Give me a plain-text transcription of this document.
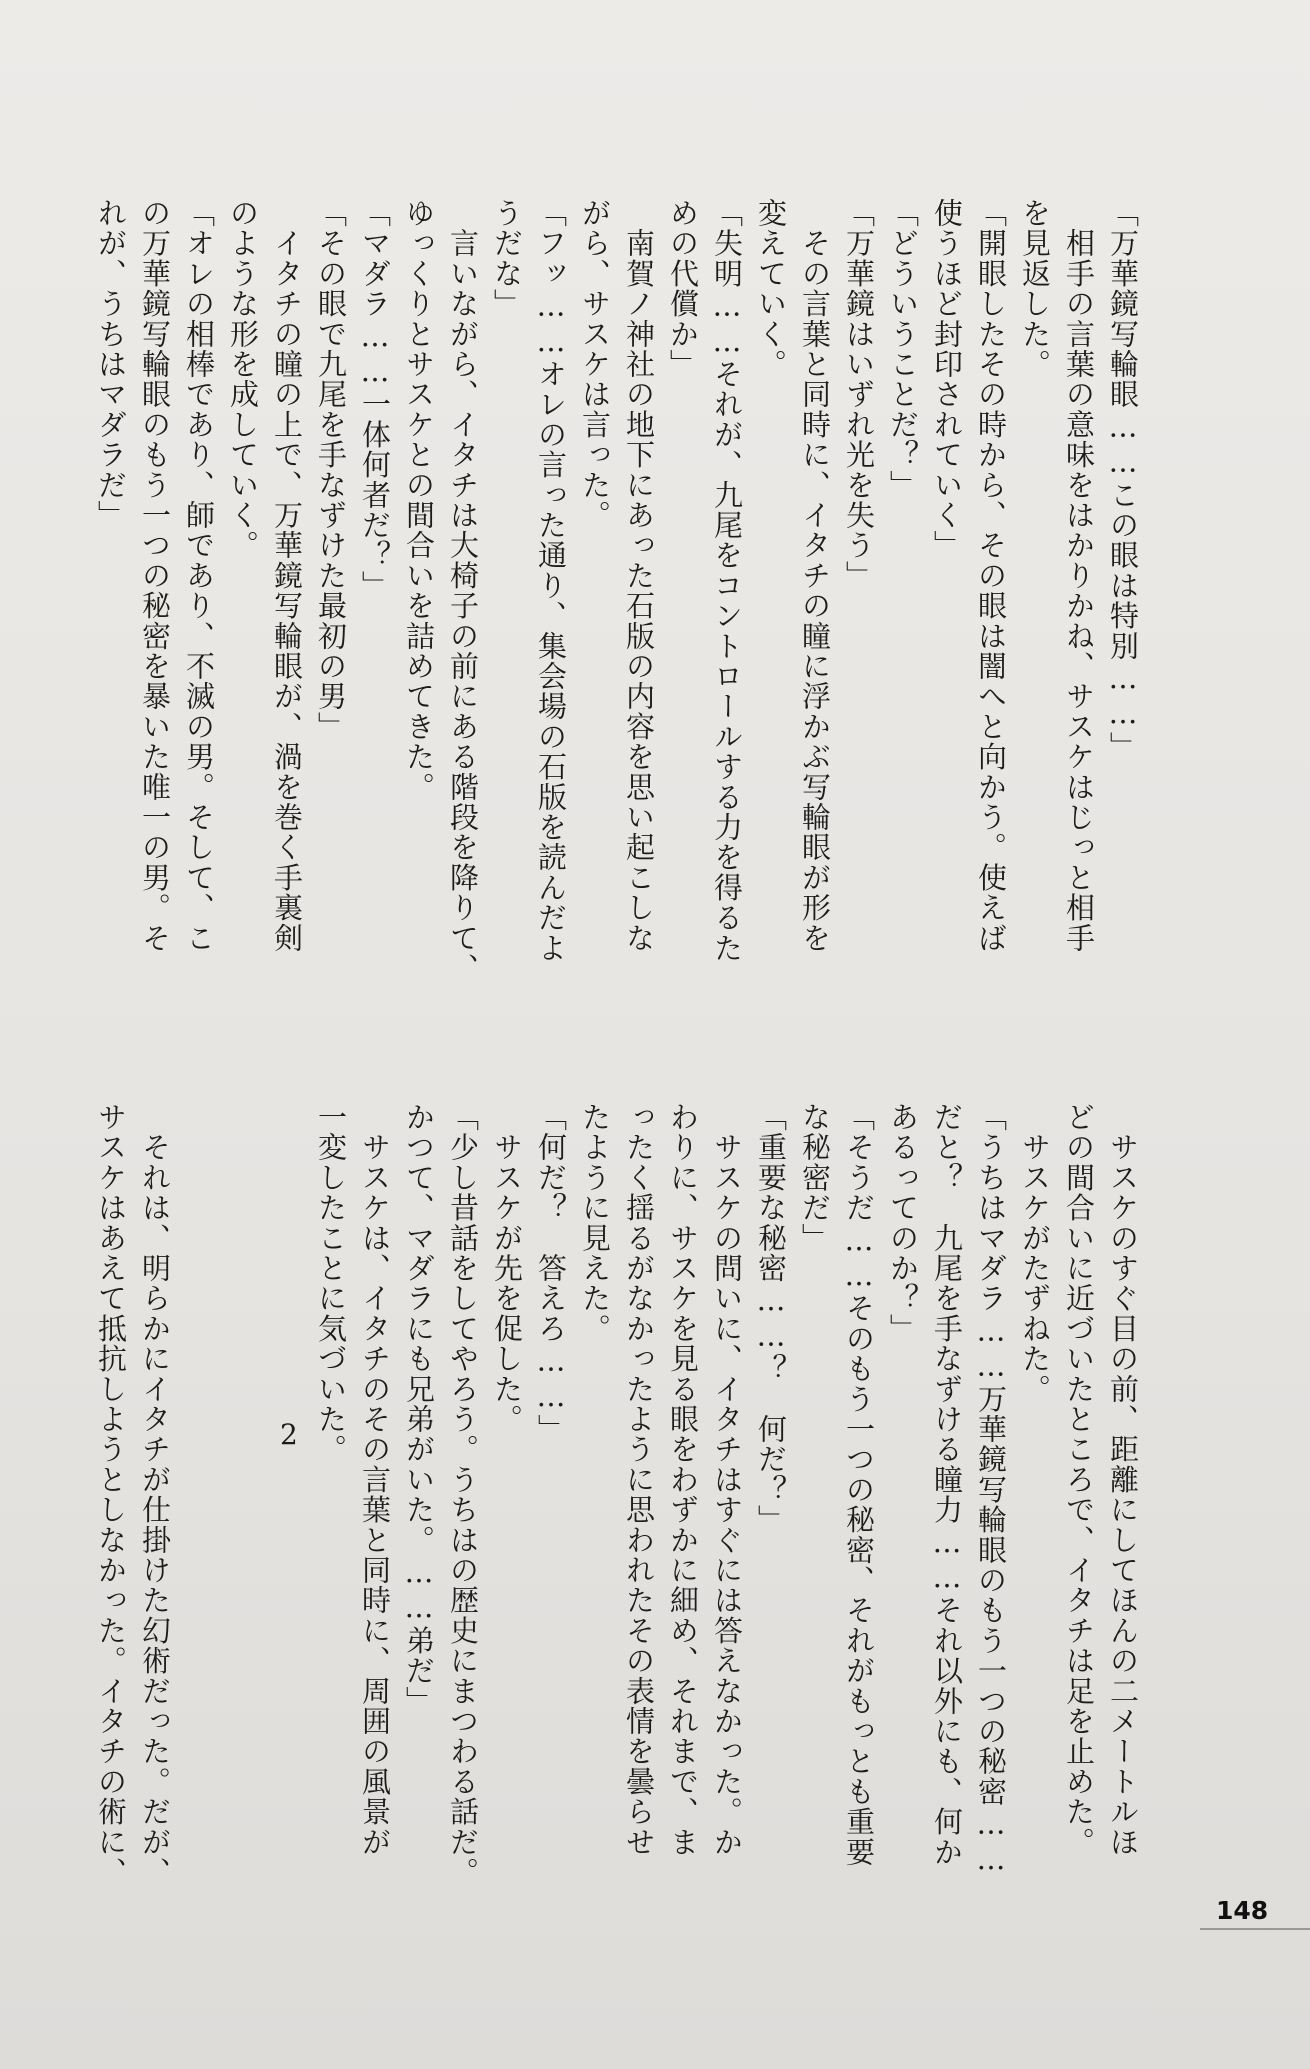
「万華鏡写輪眼……この眼は特別……」
　相手の言葉の意味をはかりかね、サスケはじっと相手
を見返した。
「開眼したその時から、その眼は闇へと向かう。使えば
使うほど封印されていく」
「どういうことだ？」
「万華鏡はいずれ光を失う」
　その言葉と同時に、イタチの瞳に浮かぶ写輪眼が形を
変えていく。
「失明……それが、九尾をコントロールする力を得るた
めの代償か」
　南賀ノ神社の地下にあった石版の内容を思い起こしな
がら、サスケは言った。
「フッ……オレの言った通り、集会場の石版を読んだよ
うだな」
　言いながら、イタチは大椅子の前にある階段を降りて、
ゆっくりとサスケとの間合いを詰めてきた。
「マダラ……一体何者だ？」
「その眼で九尾を手なずけた最初の男」
　イタチの瞳の上で、万華鏡写輪眼が、渦を巻く手裏剣
のような形を成していく。
「オレの相棒であり、師であり、不滅の男。そして、こ
の万華鏡写輪眼のもう一つの秘密を暴いた唯一の男。そ
れが、うちはマダラだ」
　サスケのすぐ目の前、距離にしてほんの二メートルほ
どの間合いに近づいたところで、イタチは足を止めた。
　サスケがたずねた。
「うちはマダラ……万華鏡写輪眼のもう一つの秘密……
だと？　九尾を手なずける瞳力……それ以外にも、何か
あるってのか？」
「そうだ……そのもう一つの秘密、それがもっとも重要
な秘密だ」
「重要な秘密……？　何だ？」
　サスケの問いに、イタチはすぐには答えなかった。か
わりに、サスケを見る眼をわずかに細め、それまで、ま
ったく揺るがなかったように思われたその表情を曇らせ
たように見えた。
「何だ？　答えろ……」
　サスケが先を促した。
「少し昔話をしてやろう。うちはの歴史にまつわる話だ。
かつて、マダラにも兄弟がいた。……弟だ」
　サスケは、イタチのその言葉と同時に、周囲の風景が
一変したことに気づいた。

　それは、明らかにイタチが仕掛けた幻術だった。だが、
サスケはあえて抵抗しようとしなかった。イタチの術に、	2
148
